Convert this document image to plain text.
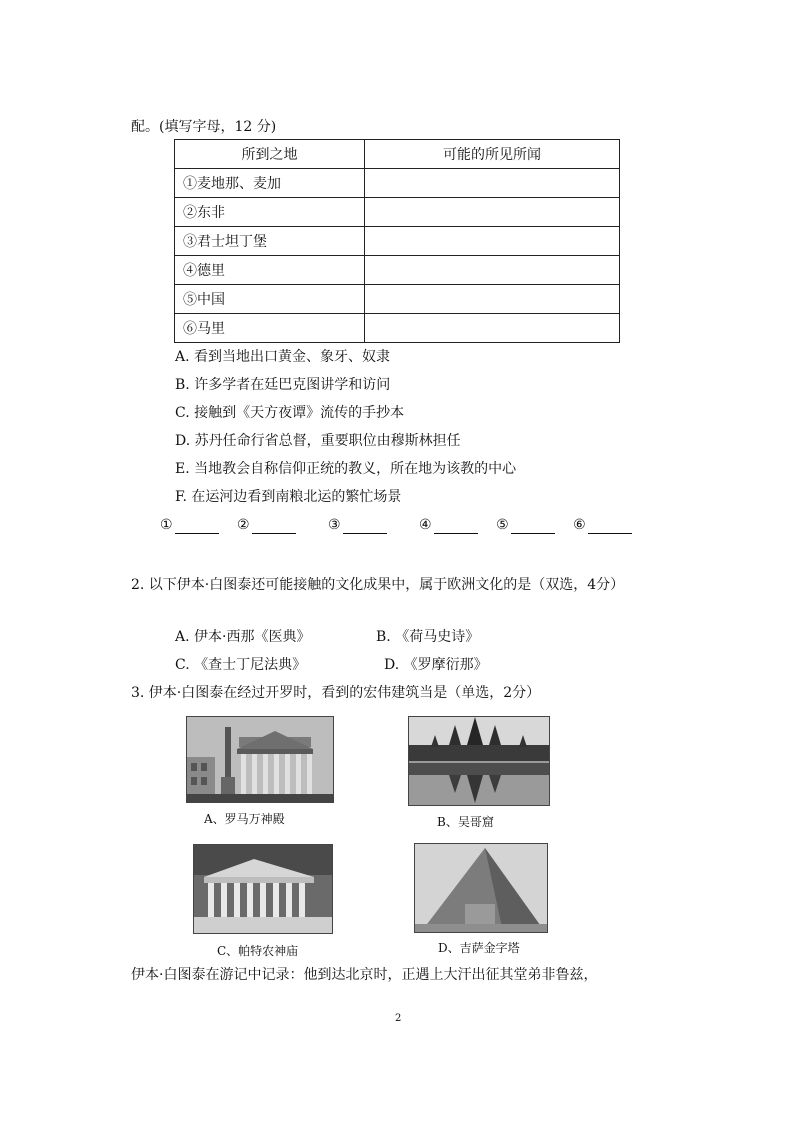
配。(填写字母，12 分)
所到之地	可能的所见所闻
①麦地那、麦加	
②东非	
③君士坦丁堡	
④德里	
⑤中国	
⑥马里	
A. 看到当地出口黄金、象牙、奴隶
B. 许多学者在廷巴克图讲学和访问
C. 接触到《天方夜谭》流传的手抄本
D. 苏丹任命行省总督，重要职位由穆斯林担任
E. 当地教会自称信仰正统的教义，所在地为该教的中心
F. 在运河边看到南粮北运的繁忙场景
①	②	③	④	⑤	⑥
2. 以下伊本·白图泰还可能接触的文化成果中，属于欧洲文化的是（双选，4分）
A. 伊本·西那《医典》	B. 《荷马史诗》
C. 《查士丁尼法典》	D. 《罗摩衍那》
3. 伊本·白图泰在经过开罗时，看到的宏伟建筑当是（单选，2分）
A、罗马万神殿	B、吴哥窟
C、帕特农神庙	D、吉萨金字塔
伊本·白图泰在游记中记录：他到达北京时，正遇上大汗出征其堂弟非鲁兹，
2
